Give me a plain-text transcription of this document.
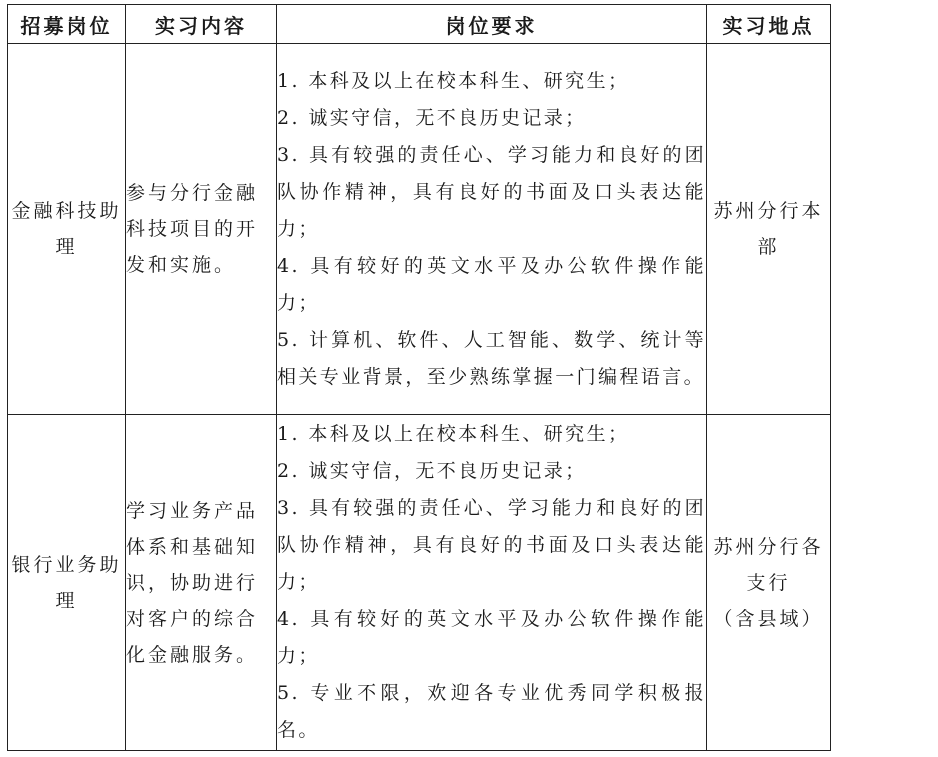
招募岗位	实习内容	岗位要求	实习地点
金融科技助理	参与分行金融科技项目的开发和实施。	1. 本科及以上在校本科生、研究生；
2. 诚实守信，无不良历史记录；
3. 具有较强的责任心、学习能力和良好的团队协作精神，具有良好的书面及口头表达能力；
4. 具有较好的英文水平及办公软件操作能力；
5. 计算机、软件、人工智能、数学、统计等相关专业背景，至少熟练掌握一门编程语言。	苏州分行本部

银行业务助理	学习业务产品体系和基础知识，协助进行对客户的综合化金融服务。	1. 本科及以上在校本科生、研究生；
2. 诚实守信，无不良历史记录；
3. 具有较强的责任心、学习能力和良好的团队协作精神，具有良好的书面及口头表达能力；
4. 具有较好的英文水平及办公软件操作能力；
5. 专业不限，欢迎各专业优秀同学积极报名。	苏州分行各支行
（含县域）
